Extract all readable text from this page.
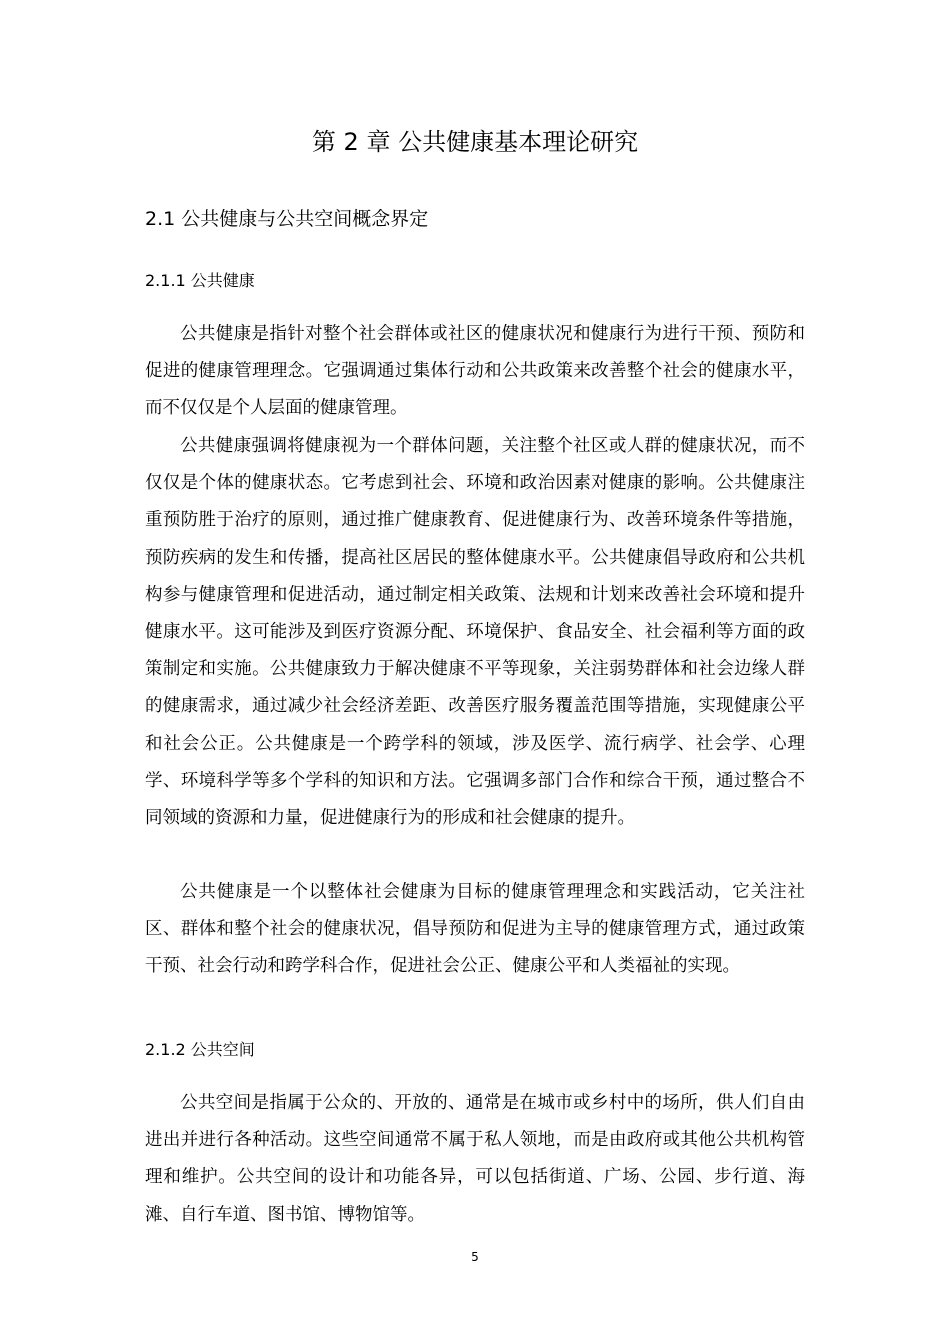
第 2 章 公共健康基本理论研究
2.1 公共健康与公共空间概念界定
2.1.1 公共健康

公共健康是指针对整个社会群体或社区的健康状况和健康行为进行干预、预防和促进的健康管理理念。它强调通过集体行动和公共政策来改善整个社会的健康水平，而不仅仅是个人层面的健康管理。

公共健康强调将健康视为一个群体问题，关注整个社区或人群的健康状况，而不仅仅是个体的健康状态。它考虑到社会、环境和政治因素对健康的影响。公共健康注重预防胜于治疗的原则，通过推广健康教育、促进健康行为、改善环境条件等措施，预防疾病的发生和传播，提高社区居民的整体健康水平。公共健康倡导政府和公共机构参与健康管理和促进活动，通过制定相关政策、法规和计划来改善社会环境和提升健康水平。这可能涉及到医疗资源分配、环境保护、食品安全、社会福利等方面的政策制定和实施。公共健康致力于解决健康不平等现象，关注弱势群体和社会边缘人群的健康需求，通过减少社会经济差距、改善医疗服务覆盖范围等措施，实现健康公平和社会公正。公共健康是一个跨学科的领域，涉及医学、流行病学、社会学、心理学、环境科学等多个学科的知识和方法。它强调多部门合作和综合干预，通过整合不同领域的资源和力量，促进健康行为的形成和社会健康的提升。

公共健康是一个以整体社会健康为目标的健康管理理念和实践活动，它关注社区、群体和整个社会的健康状况，倡导预防和促进为主导的健康管理方式，通过政策干预、社会行动和跨学科合作，促进社会公正、健康公平和人类福祉的实现。

2.1.2 公共空间

公共空间是指属于公众的、开放的、通常是在城市或乡村中的场所，供人们自由进出并进行各种活动。这些空间通常不属于私人领地，而是由政府或其他公共机构管理和维护。公共空间的设计和功能各异，可以包括街道、广场、公园、步行道、海滩、自行车道、图书馆、博物馆等。

5
